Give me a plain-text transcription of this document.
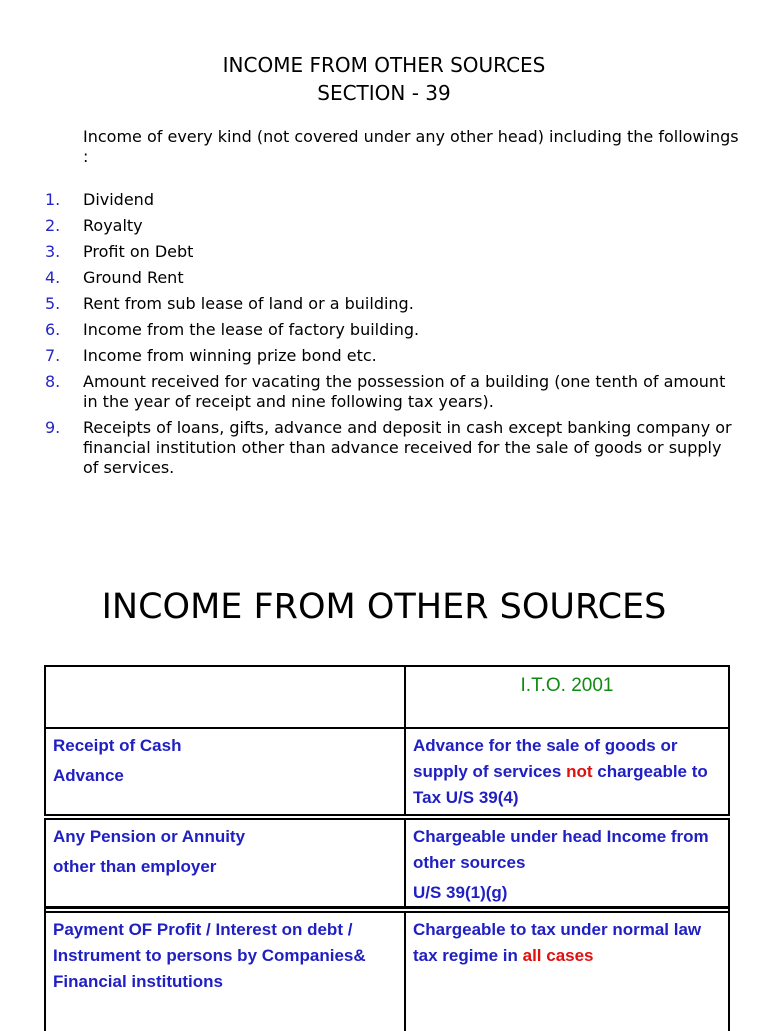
INCOME FROM OTHER SOURCES
SECTION - 39
Income of every kind (not covered under any other head) including the followings :
1. Dividend
2. Royalty
3. Profit on Debt
4. Ground Rent
5. Rent from sub lease of land or a building.
6. Income from the lease of factory building.
7. Income from winning prize bond etc.
8. Amount received for vacating the possession of a building (one tenth of amount in the year of receipt and nine following tax years).
9. Receipts of loans, gifts, advance and deposit in cash except banking company or financial institution other than advance received for the sale of goods or supply of services.
INCOME FROM OTHER SOURCES
I.T.O. 2001
Receipt of Cash
Advance
Advance for the sale of goods or supply of services not chargeable to Tax U/S 39(4)
Any Pension or Annuity
other than employer
Chargeable under head Income from other sources
U/S 39(1)(g)
Payment OF Profit / Interest on debt / Instrument to persons by Companies& Financial institutions
Chargeable to tax under normal law tax regime in all cases
